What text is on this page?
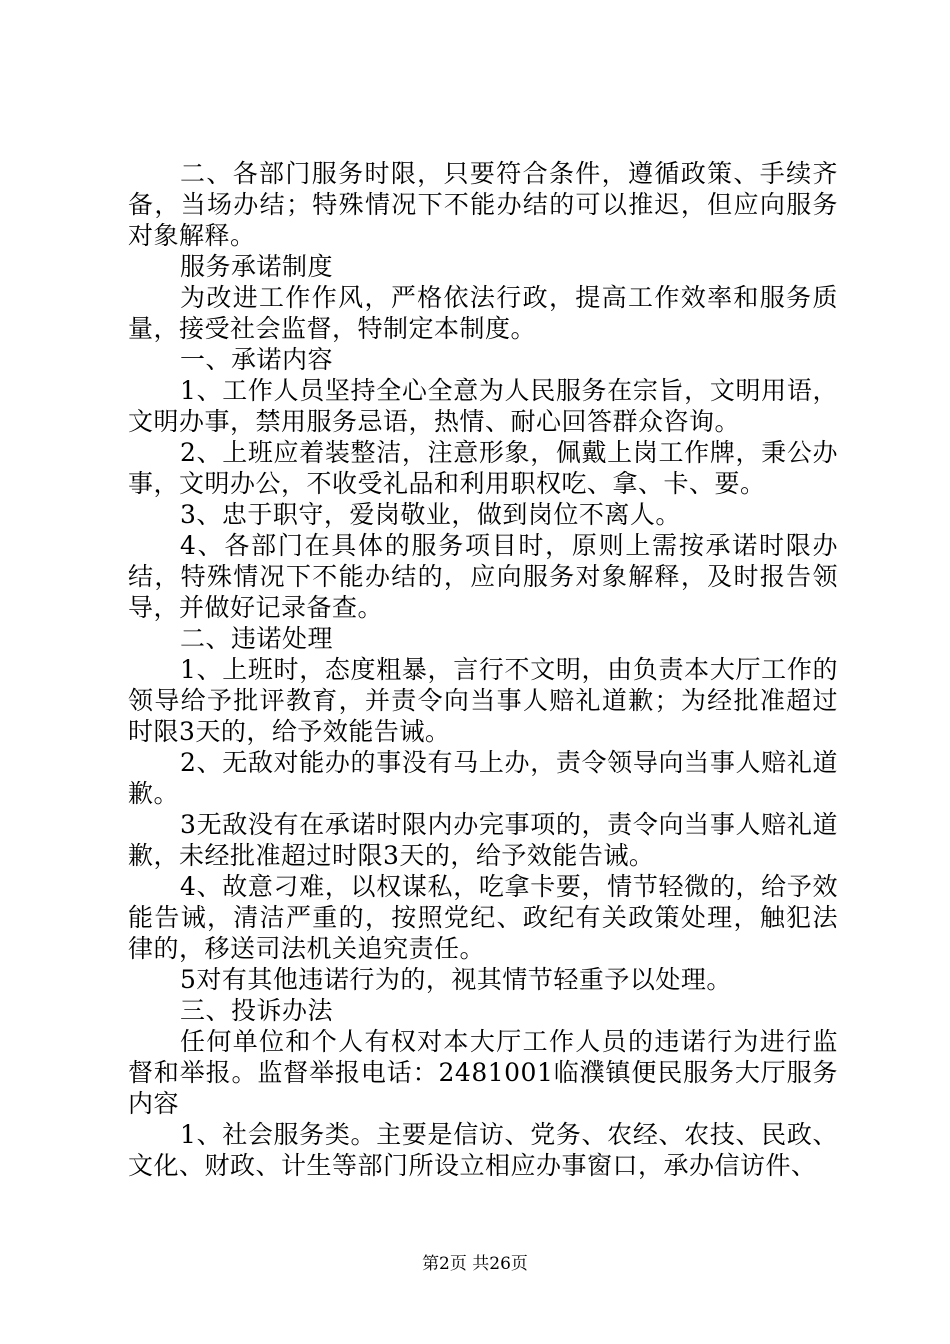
二、各部门服务时限，只要符合条件，遵循政策、手续齐备，当场办结；特殊情况下不能办结的可以推迟，但应向服务对象解释。

服务承诺制度

为改进工作作风，严格依法行政，提高工作效率和服务质量，接受社会监督，特制定本制度。

一、承诺内容

1、工作人员坚持全心全意为人民服务在宗旨，文明用语，文明办事，禁用服务忌语，热情、耐心回答群众咨询。

2、上班应着装整洁，注意形象，佩戴上岗工作牌，秉公办事，文明办公，不收受礼品和利用职权吃、拿、卡、要。

3、忠于职守，爱岗敬业，做到岗位不离人。

4、各部门在具体的服务项目时，原则上需按承诺时限办结，特殊情况下不能办结的，应向服务对象解释，及时报告领导，并做好记录备查。

二、违诺处理

1、上班时，态度粗暴，言行不文明，由负责本大厅工作的领导给予批评教育，并责令向当事人赔礼道歉；为经批准超过时限3天的，给予效能告诫。

2、无敌对能办的事没有马上办，责令领导向当事人赔礼道歉。

3无敌没有在承诺时限内办完事项的，责令向当事人赔礼道歉，未经批准超过时限3天的，给予效能告诫。

4、故意刁难，以权谋私，吃拿卡要，情节轻微的，给予效能告诫，清洁严重的，按照党纪、政纪有关政策处理，触犯法律的，移送司法机关追究责任。

5对有其他违诺行为的，视其情节轻重予以处理。

三、投诉办法

任何单位和个人有权对本大厅工作人员的违诺行为进行监督和举报。监督举报电话：2481001临濮镇便民服务大厅服务内容

1、社会服务类。主要是信访、党务、农经、农技、民政、文化、财政、计生等部门所设立相应办事窗口，承办信访件、

第2页 共26页
